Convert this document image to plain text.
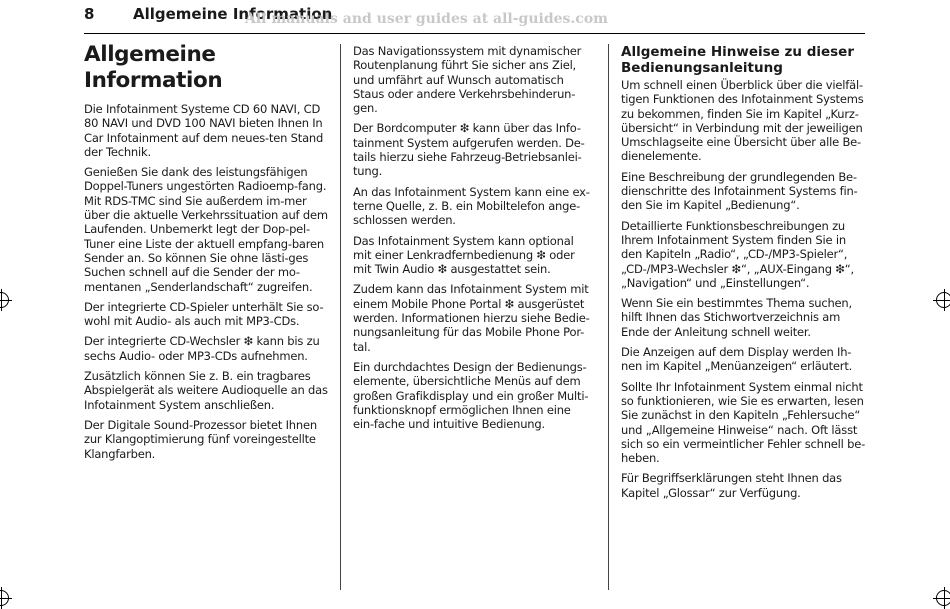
8	Allgemeine Information
All manuals and user guides at all-guides.com
Allgemeine Information

Die Infotainment Systeme CD 60 NAVI, CD 80 NAVI und DVD 100 NAVI bieten Ihnen In Car Infotainment auf dem neues-ten Stand der Technik.

Genießen Sie dank des leistungsfähigen Doppel-Tuners ungestörten Radioemp-fang. Mit RDS-TMC sind Sie außerdem im-mer über die aktuelle Verkehrssituation auf dem Laufenden. Unbemerkt legt der Dop-pel-Tuner eine Liste der aktuell empfang-baren Sender an. So können Sie ohne lästi-ges Suchen schnell auf die Sender der mo-mentanen „Senderlandschaft“ zugreifen.

Der integrierte CD-Spieler unterhält Sie so-wohl mit Audio- als auch mit MP3-CDs.

Der integrierte CD-Wechsler ❇ kann bis zu sechs Audio- oder MP3-CDs aufnehmen.

Zusätzlich können Sie z. B. ein tragbares Abspielgerät als weitere Audioquelle an das Infotainment System anschließen.

Der Digitale Sound-Prozessor bietet Ihnen zur Klangoptimierung fünf voreingestellte Klangfarben.

Das Navigationssystem mit dynamischer Routenplanung führt Sie sicher ans Ziel, und umfährt auf Wunsch automatisch Staus oder andere Verkehrsbehinderun-gen.

Der Bordcomputer ❇ kann über das Info-tainment System aufgerufen werden. De-tails hierzu siehe Fahrzeug-Betriebsanlei-tung.

An das Infotainment System kann eine ex-terne Quelle, z. B. ein Mobiltelefon ange-schlossen werden.

Das Infotainment System kann optional mit einer Lenkradfernbedienung ❇ oder mit Twin Audio ❇ ausgestattet sein.

Zudem kann das Infotainment System mit einem Mobile Phone Portal ❇ ausgerüstet werden. Informationen hierzu siehe Bedie-nungsanleitung für das Mobile Phone Por-tal.

Ein durchdachtes Design der Bedienungs-elemente, übersichtliche Menüs auf dem großen Grafikdisplay und ein großer Multi-funktionsknopf ermöglichen Ihnen eine ein-fache und intuitive Bedienung.

Allgemeine Hinweise zu dieser Bedienungsanleitung

Um schnell einen Überblick über die vielfäl-tigen Funktionen des Infotainment Systems zu bekommen, finden Sie im Kapitel „Kurz-übersicht“ in Verbindung mit der jeweiligen Umschlagseite eine Übersicht über alle Be-dienelemente.

Eine Beschreibung der grundlegenden Be-dienschritte des Infotainment Systems fin-den Sie im Kapitel „Bedienung“.

Detaillierte Funktionsbeschreibungen zu Ihrem Infotainment System finden Sie in den Kapiteln „Radio“, „CD-/MP3-Spieler“, „CD-/MP3-Wechsler ❇“, „AUX-Eingang ❇“, „Navigation“ und „Einstellungen“.

Wenn Sie ein bestimmtes Thema suchen, hilft Ihnen das Stichwortverzeichnis am Ende der Anleitung schnell weiter.

Die Anzeigen auf dem Display werden Ih-nen im Kapitel „Menüanzeigen“ erläutert.

Sollte Ihr Infotainment System einmal nicht so funktionieren, wie Sie es erwarten, lesen Sie zunächst in den Kapiteln „Fehlersuche“ und „Allgemeine Hinweise“ nach. Oft lässt sich so ein vermeintlicher Fehler schnell be-heben.

Für Begriffserklärungen steht Ihnen das Kapitel „Glossar“ zur Verfügung.
